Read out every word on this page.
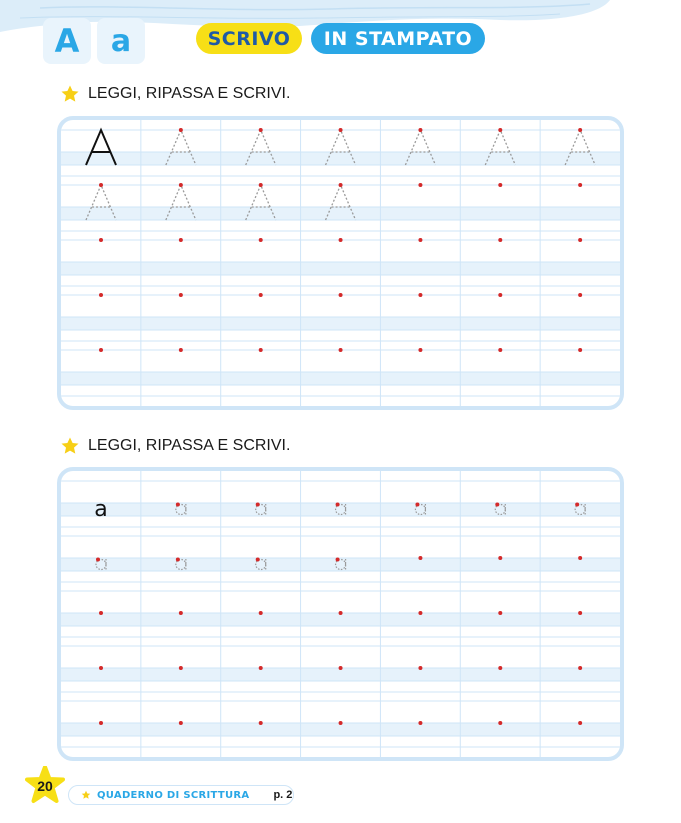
A	a	SCRIVO	IN STAMPATO
LEGGI, RIPASSA E SCRIVI.
LEGGI, RIPASSA E SCRIVI.
a
20
QUADERNO DI SCRITTURA p. 2
